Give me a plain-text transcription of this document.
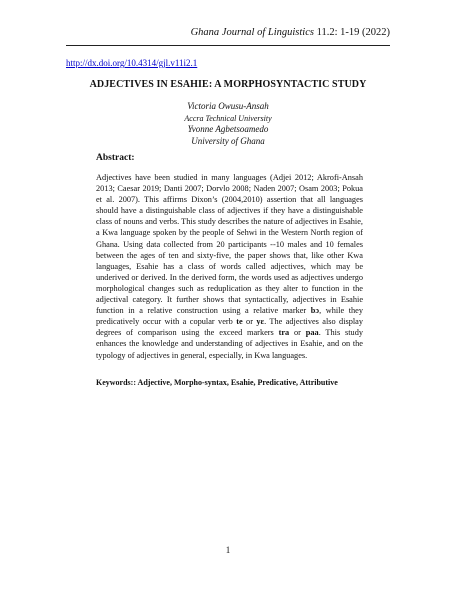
Ghana Journal of Linguistics 11.2: 1-19 (2022)
http://dx.doi.org/10.4314/gjl.v11i2.1
ADJECTIVES IN ESAHIE: A MORPHOSYNTACTIC STUDY
Victoria Owusu-Ansah
Accra Technical University
Yvonne Agbetsoamedo
University of Ghana
Abstract:
Adjectives have been studied in many languages (Adjei 2012; Akrofi-Ansah 2013; Caesar 2019; Danti 2007; Dorvlo 2008; Naden 2007; Osam 2003; Pokua et al. 2007). This affirms Dixon’s (2004,2010) assertion that all languages should have a distinguishable class of adjectives if they have a distinguishable class of nouns and verbs. This study describes the nature of adjectives in Esahie, a Kwa language spoken by the people of Sehwi in the Western North region of Ghana. Using data collected from 20 participants --10 males and 10 females between the ages of ten and sixty-five, the paper shows that, like other Kwa languages, Esahie has a class of words called adjectives, which may be underived or derived. In the derived form, the words used as adjectives undergo morphological changes such as reduplication as they alter to function in the adjectival category. It further shows that syntactically, adjectives in Esahie function in a relative construction using a relative marker bɔ, while they predicatively occur with a copular verb te or yɛ. The adjectives also display degrees of comparison using the exceed markers tra or paa. This study enhances the knowledge and understanding of adjectives in Esahie, and on the typology of adjectives in general, especially, in Kwa languages.
Keywords:: Adjective, Morpho-syntax, Esahie, Predicative, Attributive
1
